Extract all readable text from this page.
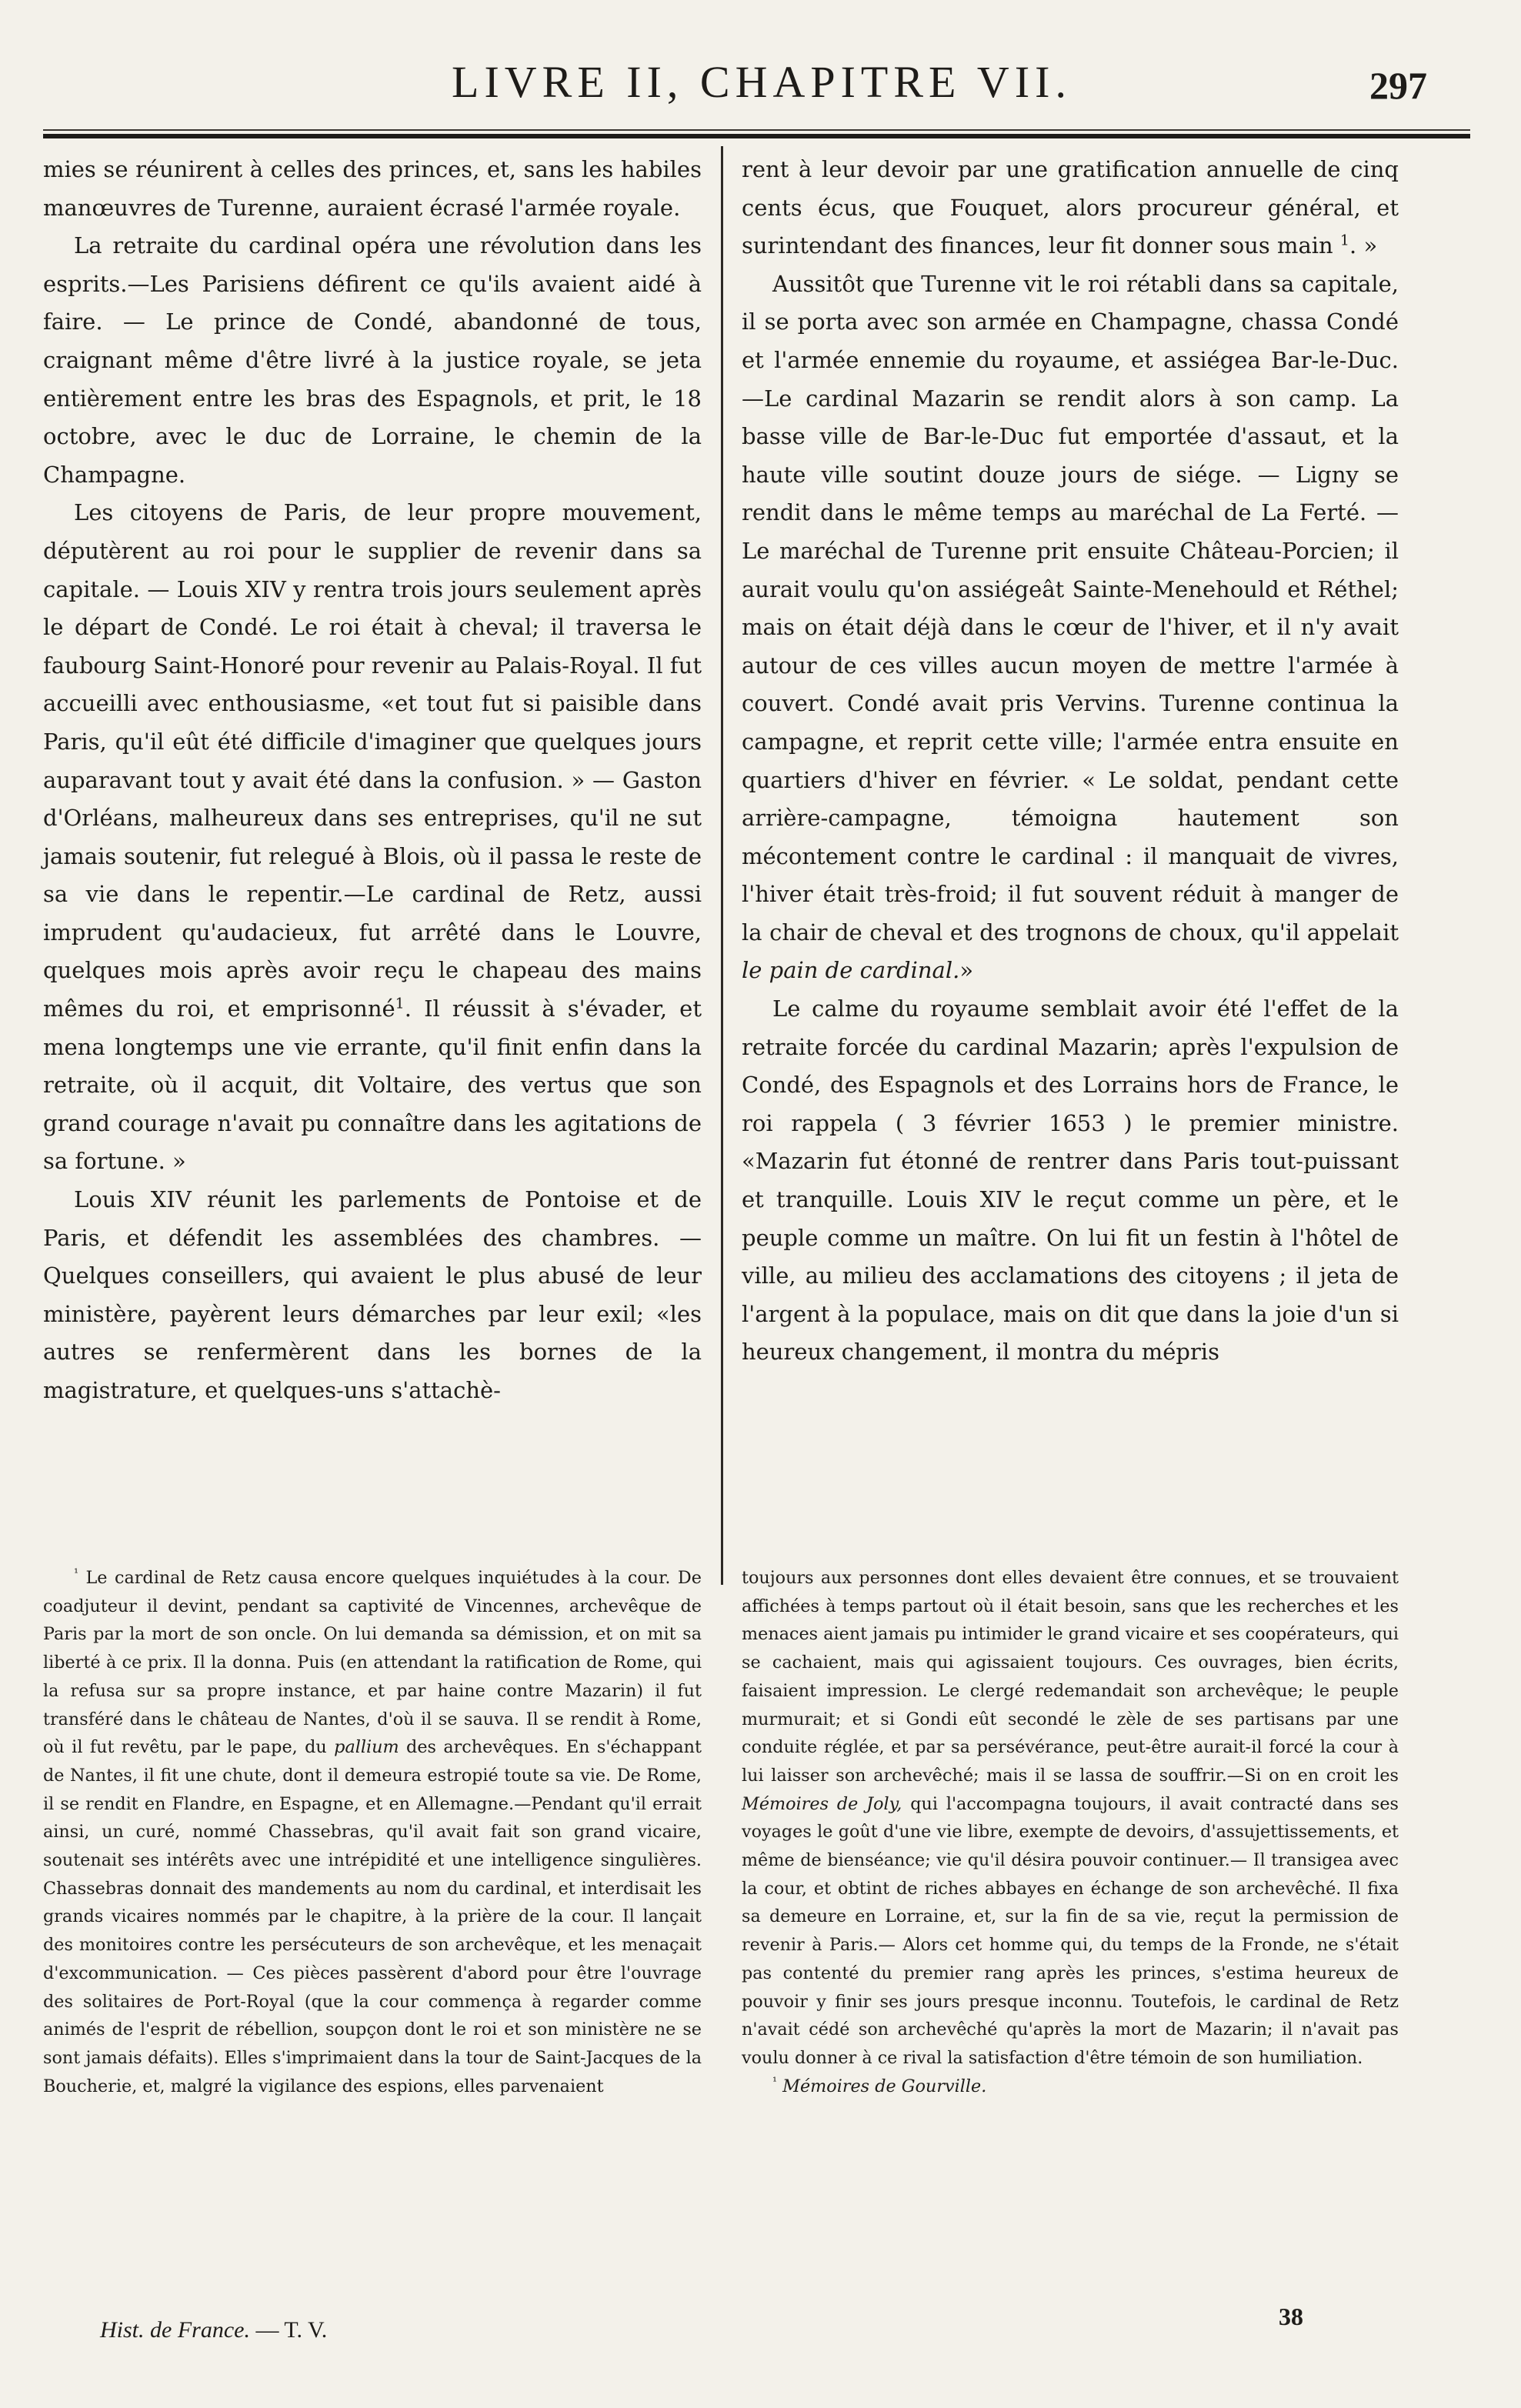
LIVRE II, CHAPITRE VII.	297

mies se réunirent à celles des princes, et, sans les habiles manœuvres de Turenne, auraient écrasé l'armée royale.

La retraite du cardinal opéra une révolution dans les esprits.—Les Parisiens défirent ce qu'ils avaient aidé à faire. — Le prince de Condé, abandonné de tous, craignant même d'être livré à la justice royale, se jeta entièrement entre les bras des Espagnols, et prit, le 18 octobre, avec le duc de Lorraine, le chemin de la Champagne.

Les citoyens de Paris, de leur propre mouvement, députèrent au roi pour le supplier de revenir dans sa capitale. — Louis XIV y rentra trois jours seulement après le départ de Condé. Le roi était à cheval; il traversa le faubourg Saint-Honoré pour revenir au Palais-Royal. Il fut accueilli avec enthousiasme, «et tout fut si paisible dans Paris, qu'il eût été difficile d'imaginer que quelques jours auparavant tout y avait été dans la confusion. » — Gaston d'Orléans, malheureux dans ses entreprises, qu'il ne sut jamais soutenir, fut relegué à Blois, où il passa le reste de sa vie dans le repentir.—Le cardinal de Retz, aussi imprudent qu'audacieux, fut arrêté dans le Louvre, quelques mois après avoir reçu le chapeau des mains mêmes du roi, et emprisonné$^1$. Il réussit à s'évader, et mena longtemps une vie errante, qu'il finit enfin dans la retraite, où il acquit, dit Voltaire, des vertus que son grand courage n'avait pu connaître dans les agitations de sa fortune. »

Louis XIV réunit les parlements de Pontoise et de Paris, et défendit les assemblées des chambres. — Quelques conseillers, qui avaient le plus abusé de leur ministère, payèrent leurs démarches par leur exil; «les autres se renfermèrent dans les bornes de la magistrature, et quelques-uns s'attachè-

$^{^1}$ Le cardinal de Retz causa encore quelques inquiétudes à la cour. De coadjuteur il devint, pendant sa captivité de Vincennes, archevêque de Paris par la mort de son oncle. On lui demanda sa démission, et on mit sa liberté à ce prix. Il la donna. Puis (en attendant la ratification de Rome, qui la refusa sur sa propre instance, et par haine contre Mazarin) il fut transféré dans le château de Nantes, d'où il se sauva. Il se rendit à Rome, où il fut revêtu, par le pape, du pallium des archevêques. En s'échappant de Nantes, il fit une chute, dont il demeura estropié toute sa vie. De Rome, il se rendit en Flandre, en Espagne, et en Allemagne.—Pendant qu'il errait ainsi, un curé, nommé Chassebras, qu'il avait fait son grand vicaire, soutenait ses intérêts avec une intrépidité et une intelligence singulières. Chassebras donnait des mandements au nom du cardinal, et interdisait les grands vicaires nommés par le chapitre, à la prière de la cour. Il lançait des monitoires contre les persécuteurs de son archevêque, et les menaçait d'excommunication. — Ces pièces passèrent d'abord pour être l'ouvrage des solitaires de Port-Royal (que la cour commença à regarder comme animés de l'esprit de rébellion, soupçon dont le roi et son ministère ne se sont jamais défaits). Elles s'imprimaient dans la tour de Saint-Jacques de la Boucherie, et, malgré la vigilance des espions, elles parvenaient

Hist. de France. — T. V.

rent à leur devoir par une gratification annuelle de cinq cents écus, que Fouquet, alors procureur général, et surintendant des finances, leur fit donner sous main $^1$. »

Aussitôt que Turenne vit le roi rétabli dans sa capitale, il se porta avec son armée en Champagne, chassa Condé et l'armée ennemie du royaume, et assiégea Bar-le-Duc.—Le cardinal Mazarin se rendit alors à son camp. La basse ville de Bar-le-Duc fut emportée d'assaut, et la haute ville soutint douze jours de siége. — Ligny se rendit dans le même temps au maréchal de La Ferté. — Le maréchal de Turenne prit ensuite Château-Porcien; il aurait voulu qu'on assiégeât Sainte-Menehould et Réthel; mais on était déjà dans le cœur de l'hiver, et il n'y avait autour de ces villes aucun moyen de mettre l'armée à couvert. Condé avait pris Vervins. Turenne continua la campagne, et reprit cette ville; l'armée entra ensuite en quartiers d'hiver en février. « Le soldat, pendant cette arrière-campagne, témoigna hautement son mécontement contre le cardinal : il manquait de vivres, l'hiver était très-froid; il fut souvent réduit à manger de la chair de cheval et des trognons de choux, qu'il appelait le pain de cardinal.»

Le calme du royaume semblait avoir été l'effet de la retraite forcée du cardinal Mazarin; après l'expulsion de Condé, des Espagnols et des Lorrains hors de France, le roi rappela ( 3 février 1653 ) le premier ministre. «Mazarin fut étonné de rentrer dans Paris tout-puissant et tranquille. Louis XIV le reçut comme un père, et le peuple comme un maître. On lui fit un festin à l'hôtel de ville, au milieu des acclamations des citoyens ; il jeta de l'argent à la populace, mais on dit que dans la joie d'un si heureux changement, il montra du mépris

toujours aux personnes dont elles devaient être connues, et se trouvaient affichées à temps partout où il était besoin, sans que les recherches et les menaces aient jamais pu intimider le grand vicaire et ses coopérateurs, qui se cachaient, mais qui agissaient toujours. Ces ouvrages, bien écrits, faisaient impression. Le clergé redemandait son archevêque; le peuple murmurait; et si Gondi eût secondé le zèle de ses partisans par une conduite réglée, et par sa persévérance, peut-être aurait-il forcé la cour à lui laisser son archevêché; mais il se lassa de souffrir.—Si on en croit les Mémoires de Joly, qui l'accompagna toujours, il avait contracté dans ses voyages le goût d'une vie libre, exempte de devoirs, d'assujettissements, et même de bienséance; vie qu'il désira pouvoir continuer.— Il transigea avec la cour, et obtint de riches abbayes en échange de son archevêché. Il fixa sa demeure en Lorraine, et, sur la fin de sa vie, reçut la permission de revenir à Paris.— Alors cet homme qui, du temps de la Fronde, ne s'était pas contenté du premier rang après les princes, s'estima heureux de pouvoir y finir ses jours presque inconnu. Toutefois, le cardinal de Retz n'avait cédé son archevêché qu'après la mort de Mazarin; il n'avait pas voulu donner à ce rival la satisfaction d'être témoin de son humiliation.

$^{^1}$ Mémoires de Gourville.

38
